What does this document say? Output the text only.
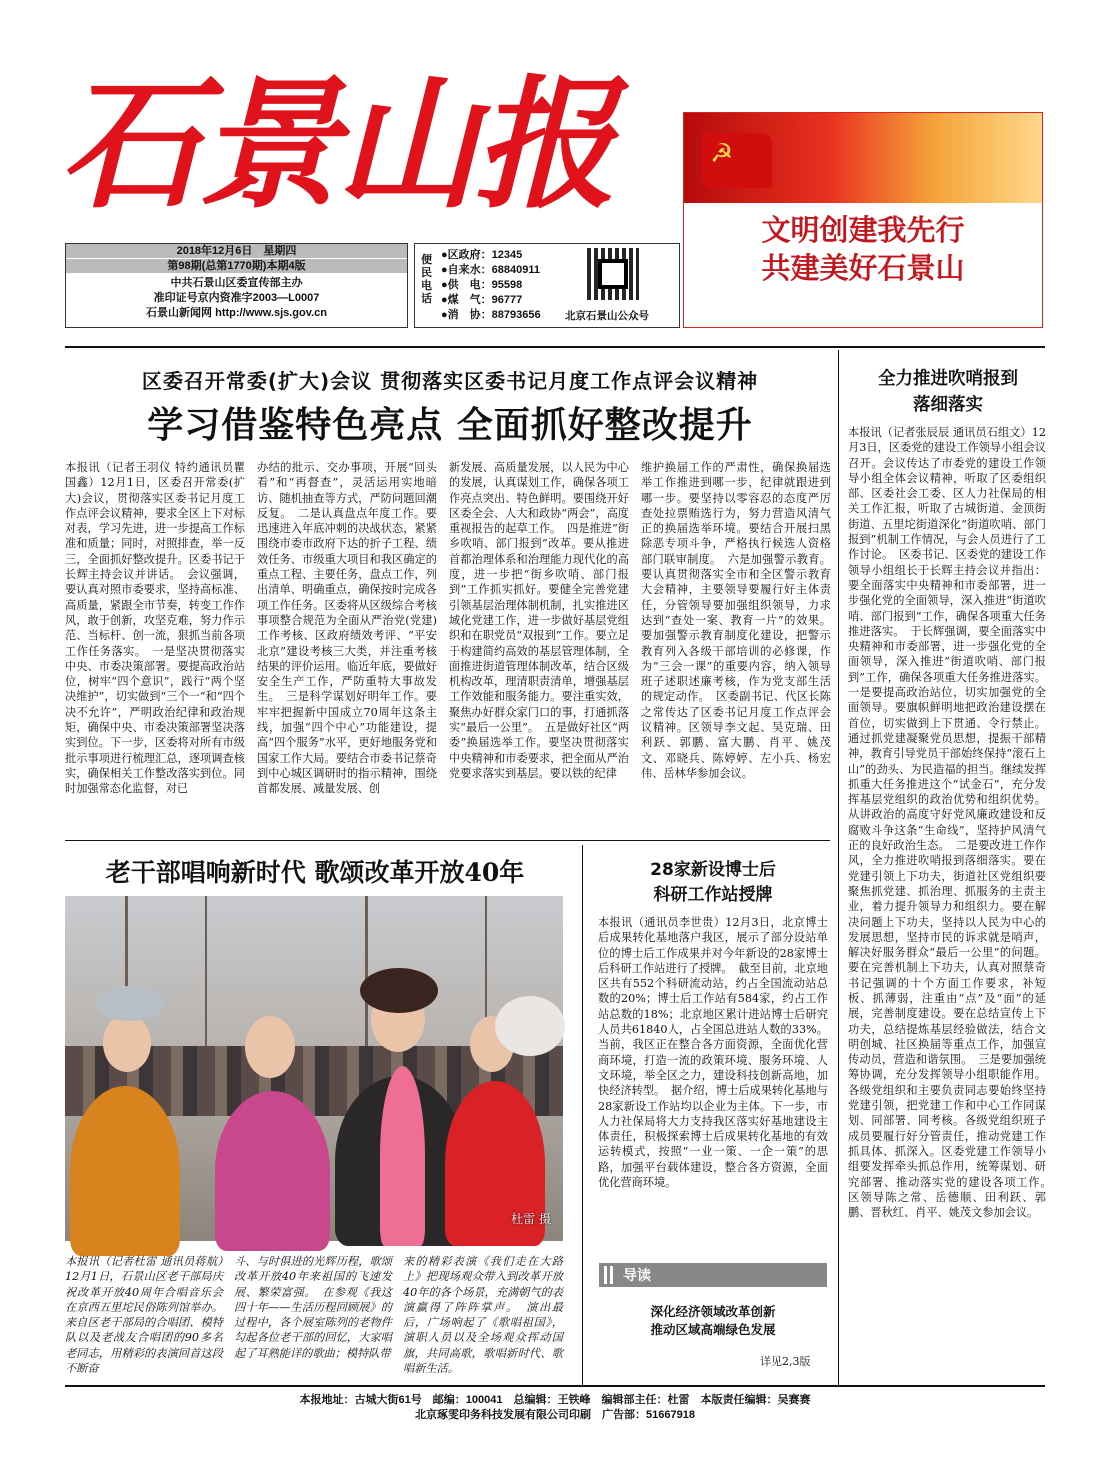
石景山报	☭
文明创建我先行
共建美好石景山
2018年12月6日　星期四
第98期(总第1770期)本期4版
中共石景山区委宣传部主办
准印证号京内资准字2003—L0007
石景山新闻网 http://www.sjs.gov.cn
便民电话
●区政府：12345
●自来水：68840911
●供　电：95598
●煤　气：96777
●消　协：88793656 北京石景山公众号
区委召开常委(扩大)会议 贯彻落实区委书记月度工作点评会议精神
学习借鉴特色亮点 全面抓好整改提升
本报讯（记者王羽仪 特约通讯员瞿国鑫）12月1日，区委召开常委(扩大)会议，贯彻落实区委书记月度工作点评会议精神，要求全区上下对标对表，学习先进，进一步提高工作标准和质量；同时，对照排查，举一反三，全面抓好整改提升。区委书记于长辉主持会议并讲话。　会议强调，要认真对照市委要求，坚持高标准、高质量，紧跟全市节奏，转变工作作风，敢于创新，攻坚克难，努力作示范、当标杆、创一流，狠抓当前各项工作任务落实。　一是坚决贯彻落实中央、市委决策部署。要提高政治站位，树牢“四个意识”，践行“两个坚决维护”，切实做到“三个一”和“四个决不允许”，严明政治纪律和政治规矩，确保中央、市委决策部署坚决落实到位。下一步，区委将对所有市级批示事项进行梳理汇总，逐项调查核实，确保相关工作整改落实到位。同时加强常态化监督，对已
办结的批示、交办事项，开展“回头看”和“再督查”，灵活运用实地暗访、随机抽查等方式，严防问题回潮反复。　二是认真盘点年度工作。要迅速进入年底冲刺的决战状态，紧紧围绕市委市政府下达的折子工程、绩效任务、市级重大项目和我区确定的重点工程、主要任务，盘点工作，列出清单、明确重点，确保按时完成各项工作任务。区委将从区级综合考核事项整合规范为全面从严治党(党建)工作考核、区政府绩效考评、“平安北京”建设考核三大类，并注重考核结果的评价运用。临近年底，要做好安全生产工作，严防重特大事故发生。　三是科学谋划好明年工作。要牢牢把握新中国成立70周年这条主线，加强“四个中心”功能建设，提高“四个服务”水平，更好地服务党和国家工作大局。要结合市委书记蔡奇到中心城区调研时的指示精神，围绕首都发展、减量发展、创
新发展、高质量发展，以人民为中心的发展，认真谋划工作，确保各项工作亮点突出、特色鲜明。要围绕开好区委全会、人大和政协“两会”，高度重视报告的起草工作。　四是推进“街乡吹哨、部门报到”改革。要从推进首都治理体系和治理能力现代化的高度，进一步把“街乡吹哨、部门报到”工作抓实抓好。要健全完善党建引领基层治理体制机制，扎实推进区域化党建工作，进一步做好基层党组织和在职党员“双报到”工作。要立足于构建简约高效的基层管理体制，全面推进街道管理体制改革，结合区级机构改革，理清职责清单，增强基层工作效能和服务能力。要注重实效，聚焦办好群众家门口的事，打通抓落实“最后一公里”。　五是做好社区“两委”换届选举工作。要坚决贯彻落实中央精神和市委要求，把全面从严治党要求落实到基层。要以铁的纪律
维护换届工作的严肃性，确保换届选举工作推进到哪一步，纪律就跟进到哪一步。要坚持以零容忍的态度严厉查处拉票贿选行为，努力营造风清气正的换届选举环境。要结合开展扫黑除恶专项斗争，严格执行候选人资格部门联审制度。　六是加强警示教育。要认真贯彻落实全市和全区警示教育大会精神，主要领导要履行好主体责任，分管领导要加强组织领导，力求达到“查处一案、教育一片”的效果。要加强警示教育制度化建设，把警示教育列入各级干部培训的必修课，作为“三会一课”的重要内容，纳入领导班子述职述廉考核，作为党支部生活的规定动作。　区委副书记、代区长陈之常传达了区委书记月度工作点评会议精神。区领导李文起、吴克瑞、田利跃、郭鹏、富大鹏、肖平、姚茂文、邓晓兵、陈婷婷、左小兵、杨宏伟、岳林华参加会议。
全力推进吹哨报到
落细落实
本报讯（记者张辰辰 通讯员石组文）12月3日，区委党的建设工作领导小组会议召开。会议传达了市委党的建设工作领导小组全体会议精神，听取了区委组织部、区委社会工委、区人力社保局的相关工作汇报，听取了古城街道、金顶街街道、五里坨街道深化“街道吹哨、部门报到”机制工作情况，与会人员进行了工作讨论。　区委书记、区委党的建设工作领导小组组长于长辉主持会议并指出：要全面落实中央精神和市委部署，进一步强化党的全面领导，深入推进“街道吹哨、部门报到”工作，确保各项重大任务推进落实。　于长辉强调，要全面落实中央精神和市委部署，进一步强化党的全面领导，深入推进“街道吹哨、部门报到”工作，确保各项重大任务推进落实。一是要提高政治站位，切实加强党的全面领导。要旗帜鲜明地把政治建设摆在首位，切实做到上下贯通、令行禁止。通过抓党建凝聚党员思想，提振干部精神，教育引导党员干部始终保持“滚石上山”的劲头、为民造福的担当。继续发挥抓重大任务推进这个“试金石”，充分发挥基层党组织的政治优势和组织优势。从讲政治的高度守好党风廉政建设和反腐败斗争这条“生命线”，坚持护风清气正的良好政治生态。　二是要改进工作作风，全力推进吹哨报到落细落实。要在党建引领上下功夫，街道社区党组织要聚焦抓党建、抓治理、抓服务的主责主业，着力提升领导力和组织力。要在解决问题上下功夫，坚持以人民为中心的发展思想，坚持市民的诉求就是哨声，解决好服务群众“最后一公里”的问题。要在完善机制上下功夫，认真对照蔡奇书记强调的十个方面工作要求，补短板、抓薄弱，注重由“点”及“面”的延展，完善制度建设。要在总结宣传上下功夫，总结提炼基层经验做法，结合文明创城、社区换届等重点工作，加强宣传动员，营造和谐氛围。　三是要加强统筹协调，充分发挥领导小组职能作用。各级党组织和主要负责同志要始终坚持党建引领，把党建工作和中心工作同谋划、同部署、同考核。各级党组织班子成员要履行好分管责任，推动党建工作抓具体、抓深入。区委党建工作领导小组要发挥牵头抓总作用，统筹谋划、研究部署、推动落实党的建设各项工作。　区领导陈之常、岳德顺、田利跃、郭鹏、晋秋红、肖平、姚茂文参加会议。
老干部唱响新时代 歌颂改革开放40年
杜雷 摄
本报讯（记者杜雷 通讯员蒋航）12月1日，石景山区老干部局庆祝改革开放40周年合唱音乐会在京西五里坨民俗陈列馆举办。来自区老干部局的合唱团、模特队以及老战友合唱团的90多名老同志，用精彩的表演回首这段不断奋
斗、与时俱进的光辉历程，歌颂改革开放40年来祖国的飞速发展、繁荣富强。　在参观《我这四十年——生活历程回顾展》的过程中，各个展室陈列的老物件勾起各位老干部的回忆，大家唱起了耳熟能详的歌曲；模特队带
来的精彩表演《我们走在大路上》把现场观众带入到改革开放40年的各个场景，充满朝气的表演赢得了阵阵掌声。　演出最后，广场响起了《歌唱祖国》，演职人员以及全场观众挥动国旗，共同高歌，歌唱新时代、歌唱新生活。
28家新设博士后
科研工作站授牌
本报讯（通讯员李世贵）12月3日，北京博士后成果转化基地落户我区，展示了部分设站单位的博士后工作成果并对今年新设的28家博士后科研工作站进行了授牌。　截至目前，北京地区共有552个科研流动站，约占全国流动站总数的20%；博士后工作站有584家，约占工作站总数的18%；北京地区累计进站博士后研究人员共61840人，占全国总进站人数的33%。当前，我区正在整合各方面资源，全面优化营商环境，打造一流的政策环境、服务环境、人文环境，举全区之力，建设科技创新高地，加快经济转型。　据介绍，博士后成果转化基地与28家新设工作站均以企业为主体。下一步，市人力社保局将大力支持我区落实好基地建设主体责任，积极探索博士后成果转化基地的有效运转模式，按照“一业一策、一企一策”的思路，加强平台载体建设，整合各方资源，全面优化营商环境。
导读
深化经济领域改革创新
推动区域高端绿色发展
详见2,3版
本报地址：古城大街61号　邮编：100041　总编辑：王铁峰　编辑部主任：杜雷　本版责任编辑：吴赛赛
北京琢雯印务科技发展有限公司印刷　广告部：51667918
